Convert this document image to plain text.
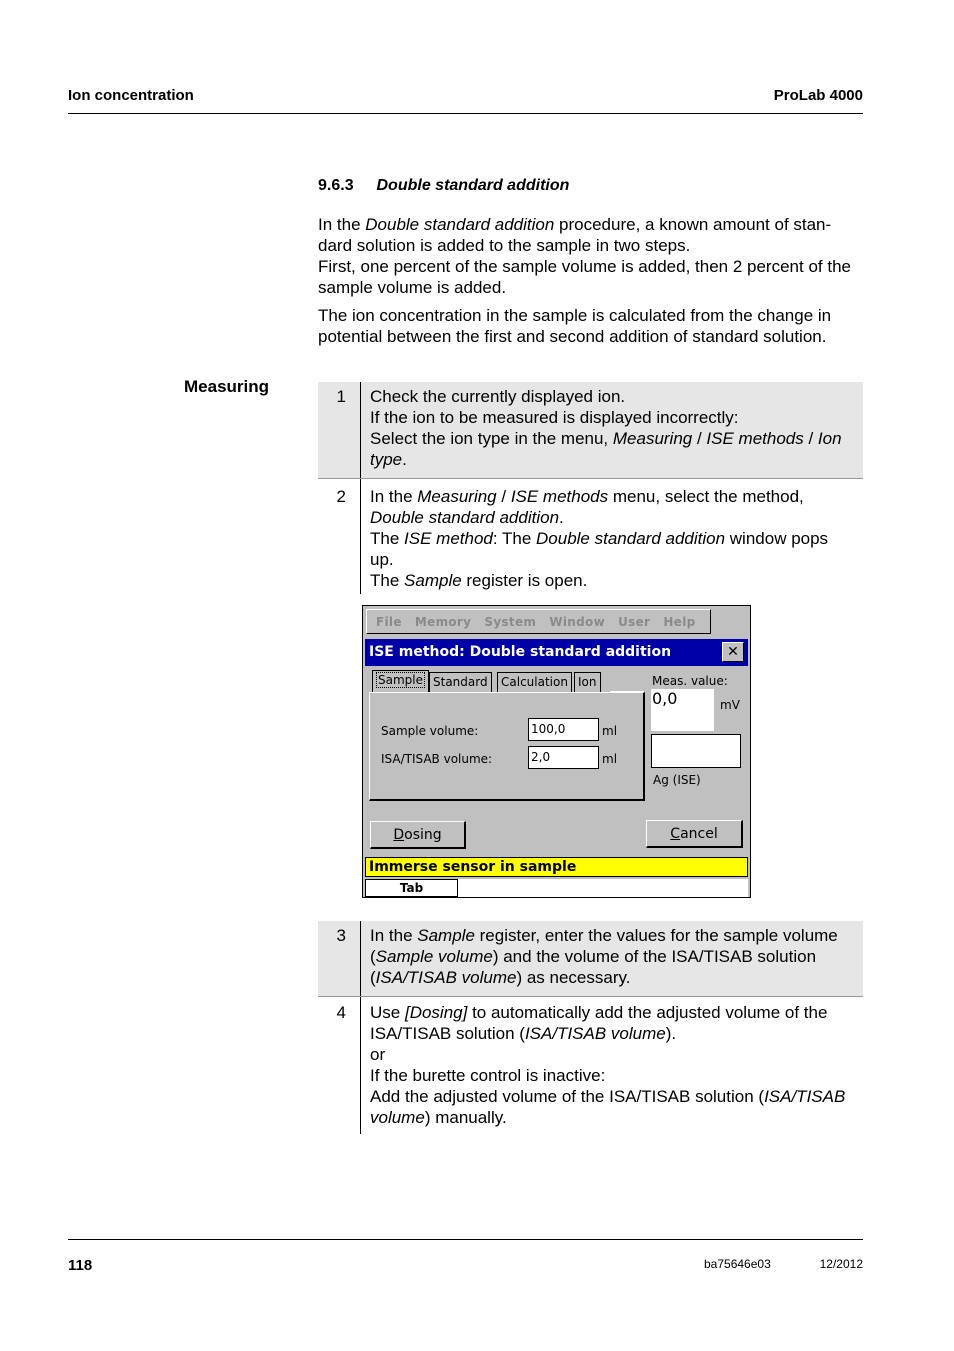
Ion concentration	ProLab 4000
9.6.3 Double standard addition
In the Double standard addition procedure, a known amount of stan-
dard solution is added to the sample in two steps.
First, one percent of the sample volume is added, then 2 percent of the
sample volume is added.
The ion concentration in the sample is calculated from the change in
potential between the first and second addition of standard solution.
Measuring
1	Check the currently displayed ion.
If the ion to be measured is displayed incorrectly:
Select the ion type in the menu, Measuring / ISE methods / Ion type.
2	In the Measuring / ISE methods menu, select the method, Double standard addition.
The ISE method: The Double standard addition window pops up.
The Sample register is open.
File Memory System Window User Help
ISE method: Double standard addition	✕
Sample Standard	Calculation Ion
Sample volume:	100,0	ml
ISA/TISAB volume:	2,0	ml
Meas. value:
0,0	mV
Ag (ISE)
Dosing	Cancel
Immerse sensor in sample
Tab
3	In the Sample register, enter the values for the sample volume (Sample volume) and the volume of the ISA/TISAB solution (ISA/TISAB volume) as necessary.
4	Use [Dosing] to automatically add the adjusted volume of the ISA/TISAB solution (ISA/TISAB volume).
or
If the burette control is inactive:
Add the adjusted volume of the ISA/TISAB solution (ISA/TISAB volume) manually.
118	ba75646e03	12/2012
